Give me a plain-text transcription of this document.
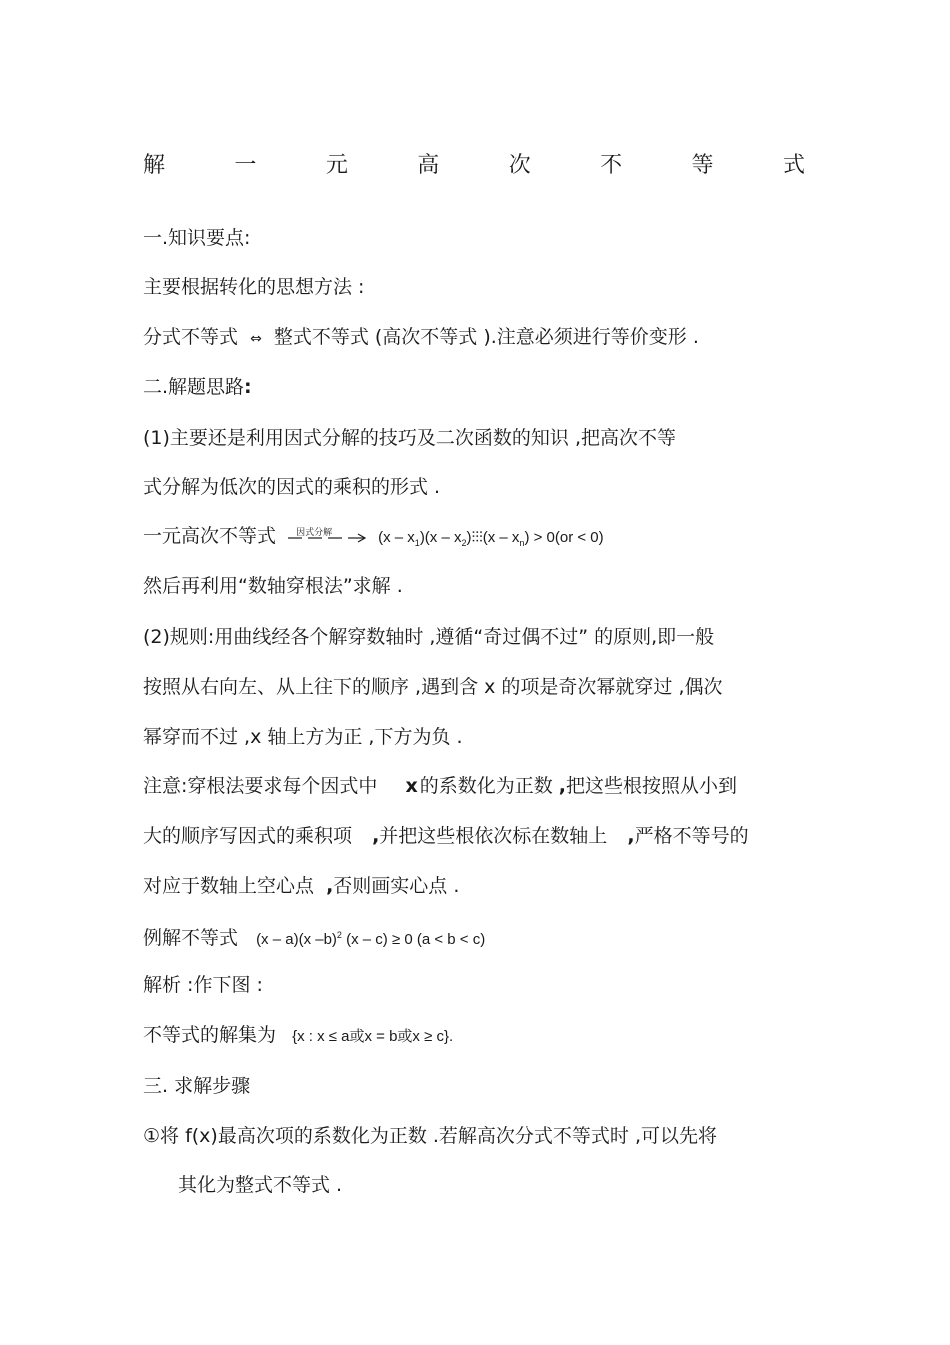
解	一	元	高	次	不	等	式
一.知识要点:
主要根据转化的思想方法 :
分式不等式 ⇔ 整式不等式 (高次不等式 ).注意必须进行等价变形 .
二.解题思路:
(1)主要还是利用因式分解的技巧及二次函数的知识 ,把高次不等
式分解为低次的因式的乘积的形式 .
一元高次不等式 因式分解	$(x - x_1)(x$ – $x_2)⫶⫶⫶(x - x_n) > 0(or < 0)$
然后再利用“数轴穿根法”求解 .
(2)规则:用曲线经各个解穿数轴时 ,遵循“奇过偶不过” 的原则,即一般
按照从右向左、从上往下的顺序 ,遇到含 x 的项是奇次幂就穿过 ,偶次
幂穿而不过 ,x 轴上方为正 ,下方为负 .
注意:穿根法要求每个因式中 x 的系数化为正数 ,把这些根按照从小到
大的顺序写因式的乘积项 ,并把这些根依次标在数轴上 ,严格不等号的
对应于数轴上空心点 ,否则画实心点 .
例解不等式 (x – a)(x –b)$^2$ (x – c) ≥ 0 (a < b < c)
解析 :作下图 :
不等式的解集为 {x : x ≤ a或x = b或x ≥ c}.
三. 求解步骤
①将 f(x)最高次项的系数化为正数 .若解高次分式不等式时 ,可以先将
其化为整式不等式 .
